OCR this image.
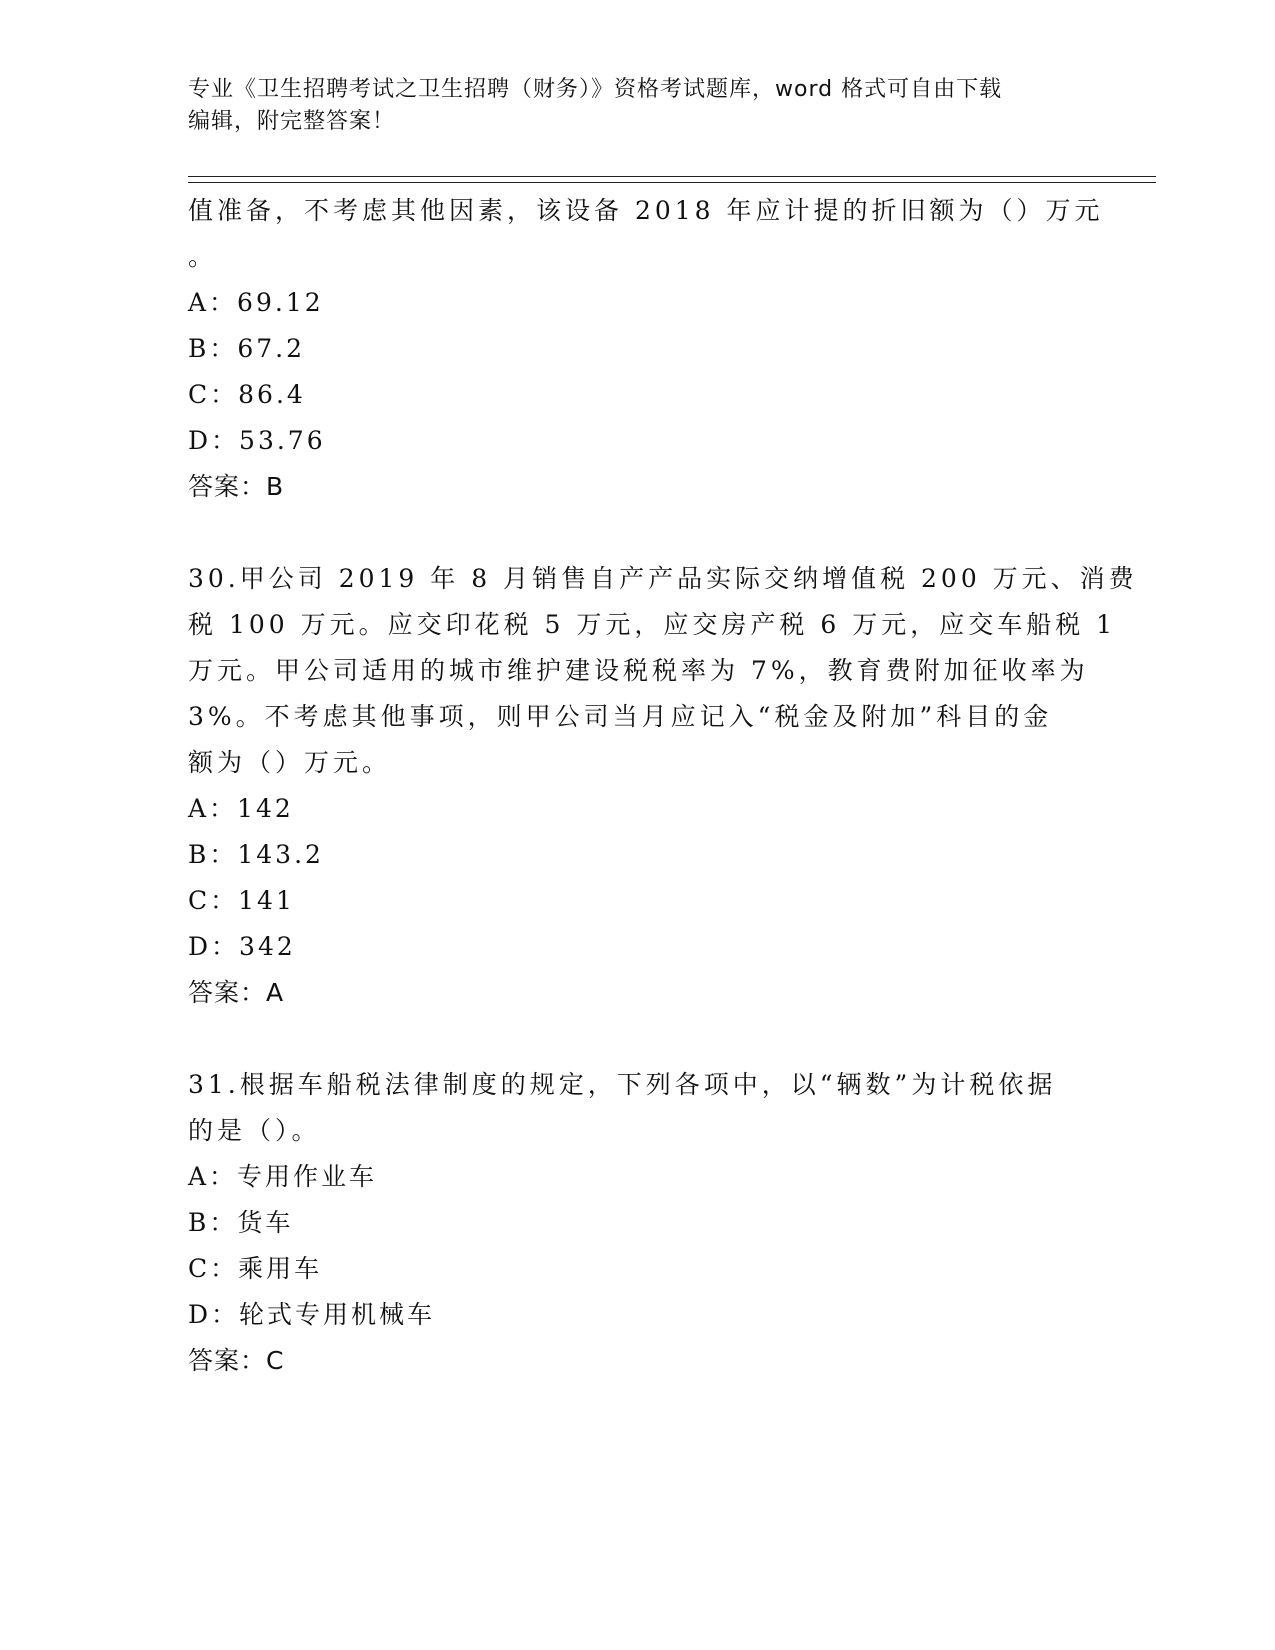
专业《卫生招聘考试之卫生招聘（财务）》资格考试题库，word 格式可自由下载
编辑，附完整答案！
值准备，不考虑其他因素，该设备 2018 年应计提的折旧额为（）万元
。
A：69.12
B：67.2
C：86.4
D：53.76
答案：B
30.甲公司 2019 年 8 月销售自产产品实际交纳增值税 200 万元、消费
税 100 万元。应交印花税 5 万元，应交房产税 6 万元，应交车船税 1
万元。甲公司适用的城市维护建设税税率为 7%，教育费附加征收率为
3%。不考虑其他事项，则甲公司当月应记入“税金及附加”科目的金
额为（）万元。
A：142
B：143.2
C：141
D：342
答案：A
31.根据车船税法律制度的规定，下列各项中，以“辆数”为计税依据
的是（）。
A：专用作业车
B：货车
C：乘用车
D：轮式专用机械车
答案：C
